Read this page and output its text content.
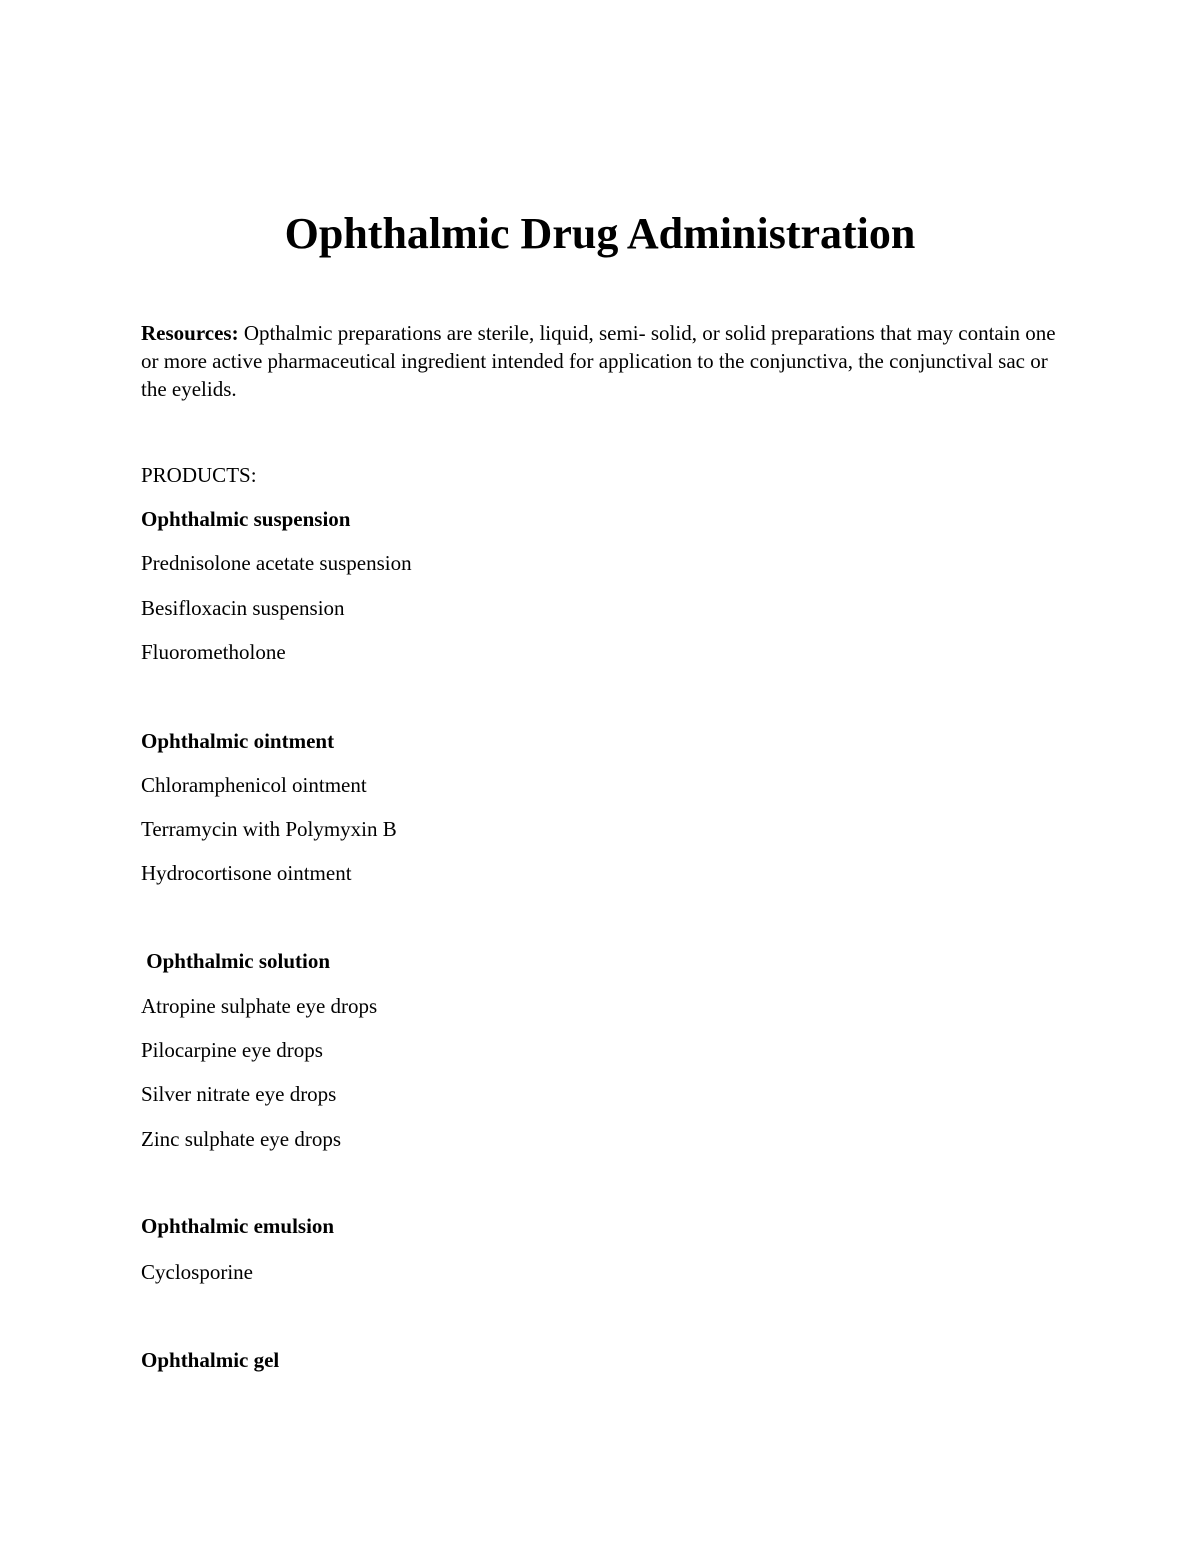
Ophthalmic Drug Administration

Resources: Opthalmic preparations are sterile, liquid, semi- solid, or solid preparations that may contain one or more active pharmaceutical ingredient intended for application to the conjunctiva, the conjunctival sac or the eyelids.

PRODUCTS:

Ophthalmic suspension

Prednisolone acetate suspension

Besifloxacin suspension

Fluorometholone

Ophthalmic ointment

Chloramphenicol ointment

Terramycin with Polymyxin B

Hydrocortisone ointment

Ophthalmic solution

Atropine sulphate eye drops

Pilocarpine eye drops

Silver nitrate eye drops

Zinc sulphate eye drops

Ophthalmic emulsion

Cyclosporine

Ophthalmic gel
